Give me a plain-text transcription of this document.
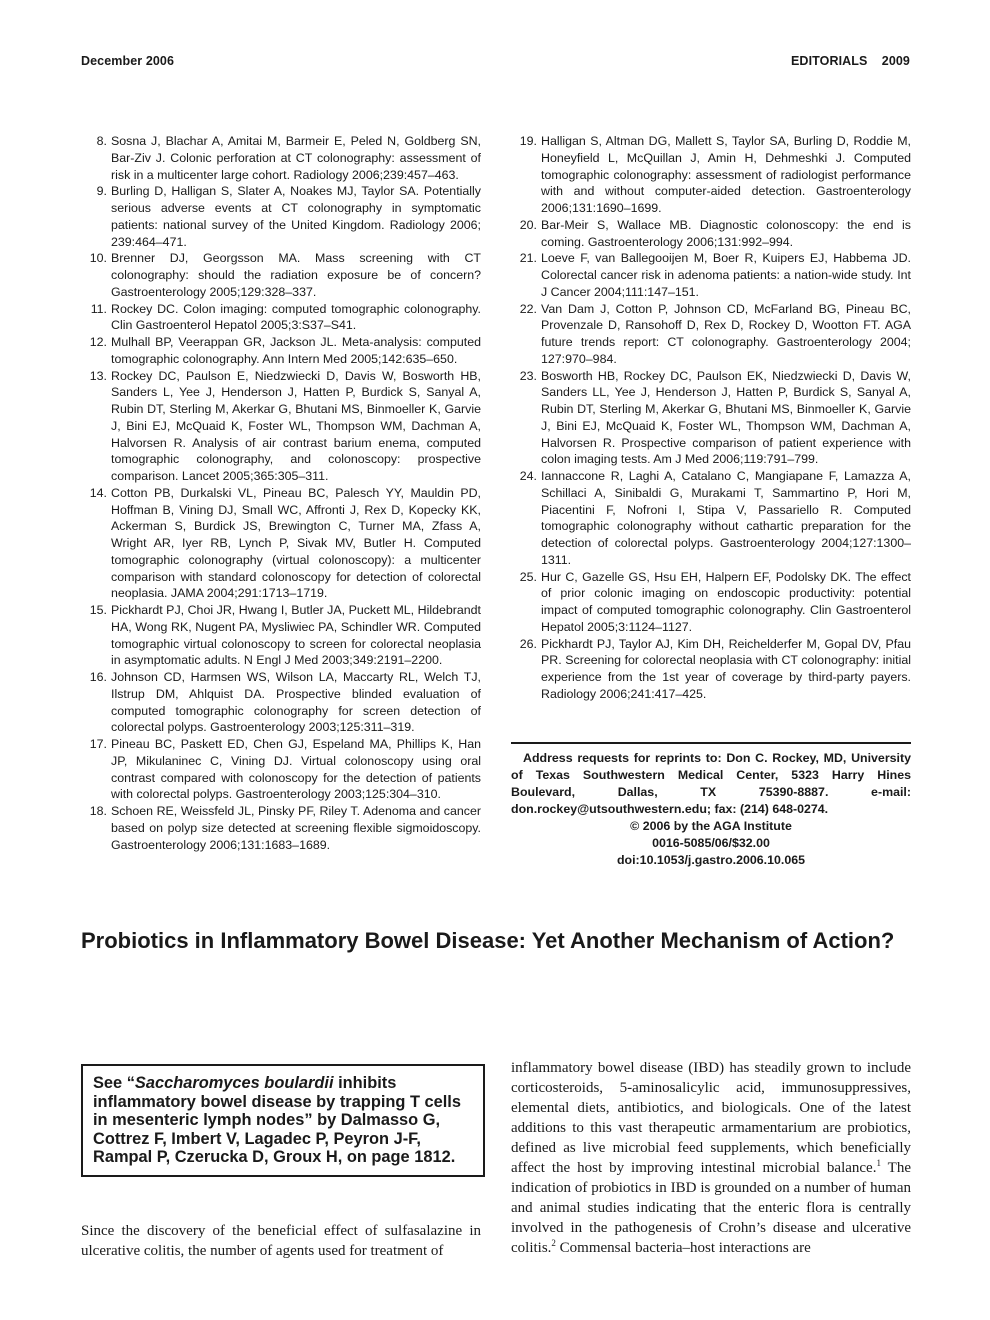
December 2006	EDITORIALS 2009
8. Sosna J, Blachar A, Amitai M, Barmeir E, Peled N, Goldberg SN, Bar-Ziv J. Colonic perforation at CT colonography: assessment of risk in a multicenter large cohort. Radiology 2006;239:457–463.
9. Burling D, Halligan S, Slater A, Noakes MJ, Taylor SA. Potentially serious adverse events at CT colonography in symptomatic patients: national survey of the United Kingdom. Radiology 2006; 239:464–471.
10. Brenner DJ, Georgsson MA. Mass screening with CT colonography: should the radiation exposure be of concern? Gastroenterology 2005;129:328–337.
11. Rockey DC. Colon imaging: computed tomographic colonography. Clin Gastroenterol Hepatol 2005;3:S37–S41.
12. Mulhall BP, Veerappan GR, Jackson JL. Meta-analysis: computed tomographic colonography. Ann Intern Med 2005;142:635–650.
13. Rockey DC, Paulson E, Niedzwiecki D, Davis W, Bosworth HB, Sanders L, Yee J, Henderson J, Hatten P, Burdick S, Sanyal A, Rubin DT, Sterling M, Akerkar G, Bhutani MS, Binmoeller K, Garvie J, Bini EJ, McQuaid K, Foster WL, Thompson WM, Dachman A, Halvorsen R. Analysis of air contrast barium enema, computed tomographic colonography, and colonoscopy: prospective comparison. Lancet 2005;365:305–311.
14. Cotton PB, Durkalski VL, Pineau BC, Palesch YY, Mauldin PD, Hoffman B, Vining DJ, Small WC, Affronti J, Rex D, Kopecky KK, Ackerman S, Burdick JS, Brewington C, Turner MA, Zfass A, Wright AR, Iyer RB, Lynch P, Sivak MV, Butler H. Computed tomographic colonography (virtual colonoscopy): a multicenter comparison with standard colonoscopy for detection of colorectal neoplasia. JAMA 2004;291:1713–1719.
15. Pickhardt PJ, Choi JR, Hwang I, Butler JA, Puckett ML, Hildebrandt HA, Wong RK, Nugent PA, Mysliwiec PA, Schindler WR. Computed tomographic virtual colonoscopy to screen for colorectal neoplasia in asymptomatic adults. N Engl J Med 2003;349:2191–2200.
16. Johnson CD, Harmsen WS, Wilson LA, Maccarty RL, Welch TJ, Ilstrup DM, Ahlquist DA. Prospective blinded evaluation of computed tomographic colonography for screen detection of colorectal polyps. Gastroenterology 2003;125:311–319.
17. Pineau BC, Paskett ED, Chen GJ, Espeland MA, Phillips K, Han JP, Mikulaninec C, Vining DJ. Virtual colonoscopy using oral contrast compared with colonoscopy for the detection of patients with colorectal polyps. Gastroenterology 2003;125:304–310.
18. Schoen RE, Weissfeld JL, Pinsky PF, Riley T. Adenoma and cancer based on polyp size detected at screening flexible sigmoidoscopy. Gastroenterology 2006;131:1683–1689.
19. Halligan S, Altman DG, Mallett S, Taylor SA, Burling D, Roddie M, Honeyfield L, McQuillan J, Amin H, Dehmeshki J. Computed tomographic colonography: assessment of radiologist performance with and without computer-aided detection. Gastroenterology 2006;131:1690–1699.
20. Bar-Meir S, Wallace MB. Diagnostic colonoscopy: the end is coming. Gastroenterology 2006;131:992–994.
21. Loeve F, van Ballegooijen M, Boer R, Kuipers EJ, Habbema JD. Colorectal cancer risk in adenoma patients: a nation-wide study. Int J Cancer 2004;111:147–151.
22. Van Dam J, Cotton P, Johnson CD, McFarland BG, Pineau BC, Provenzale D, Ransohoff D, Rex D, Rockey D, Wootton FT. AGA future trends report: CT colonography. Gastroenterology 2004; 127:970–984.
23. Bosworth HB, Rockey DC, Paulson EK, Niedzwiecki D, Davis W, Sanders LL, Yee J, Henderson J, Hatten P, Burdick S, Sanyal A, Rubin DT, Sterling M, Akerkar G, Bhutani MS, Binmoeller K, Garvie J, Bini EJ, McQuaid K, Foster WL, Thompson WM, Dachman A, Halvorsen R. Prospective comparison of patient experience with colon imaging tests. Am J Med 2006;119:791–799.
24. Iannaccone R, Laghi A, Catalano C, Mangiapane F, Lamazza A, Schillaci A, Sinibaldi G, Murakami T, Sammartino P, Hori M, Piacentini F, Nofroni I, Stipa V, Passariello R. Computed tomographic colonography without cathartic preparation for the detection of colorectal polyps. Gastroenterology 2004;127:1300–1311.
25. Hur C, Gazelle GS, Hsu EH, Halpern EF, Podolsky DK. The effect of prior colonic imaging on endoscopic productivity: potential impact of computed tomographic colonography. Clin Gastroenterol Hepatol 2005;3:1124–1127.
26. Pickhardt PJ, Taylor AJ, Kim DH, Reichelderfer M, Gopal DV, Pfau PR. Screening for colorectal neoplasia with CT colonography: initial experience from the 1st year of coverage by third-party payers. Radiology 2006;241:417–425.
Address requests for reprints to: Don C. Rockey, MD, University of Texas Southwestern Medical Center, 5323 Harry Hines Boulevard, Dallas, TX 75390-8887. e-mail: don.rockey@utsouthwestern.edu; fax: (214) 648-0274.
© 2006 by the AGA Institute
0016-5085/06/$32.00
doi:10.1053/j.gastro.2006.10.065
Probiotics in Inflammatory Bowel Disease: Yet Another Mechanism of Action?
See “Saccharomyces boulardii inhibits inflammatory bowel disease by trapping T cells in mesenteric lymph nodes” by Dalmasso G, Cottrez F, Imbert V, Lagadec P, Peyron J-F, Rampal P, Czerucka D, Groux H, on page 1812.
Since the discovery of the beneficial effect of sulfasalazine in ulcerative colitis, the number of agents used for treatment of
inflammatory bowel disease (IBD) has steadily grown to include corticosteroids, 5-aminosalicylic acid, immunosuppressives, elemental diets, antibiotics, and biologicals. One of the latest additions to this vast therapeutic armamentarium are probiotics, defined as live microbial feed supplements, which beneficially affect the host by improving intestinal microbial balance.$^1$ The indication of probiotics in IBD is grounded on a number of human and animal studies indicating that the enteric flora is centrally involved in the pathogenesis of Crohn’s disease and ulcerative colitis.$^2$ Commensal bacteria–host interactions are
